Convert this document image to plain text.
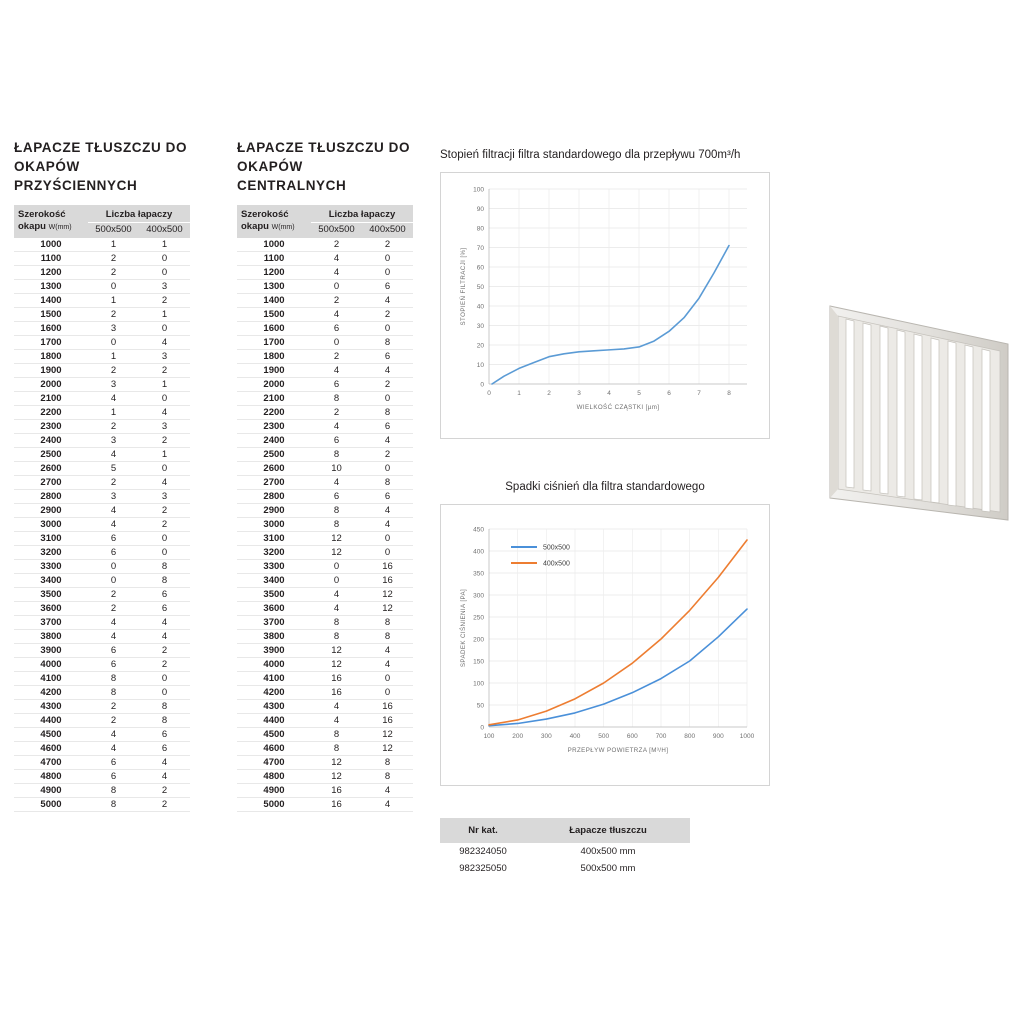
ŁAPACZE TŁUSZCZU DO OKAPÓW PRZYŚCIENNYCH
Szerokość okapu W(mm)	Liczba łapaczy	
	500x500	400x500
1000	1	1
1100	2	0
1200	2	0
1300	0	3
1400	1	2
1500	2	1
1600	3	0
1700	0	4
1800	1	3
1900	2	2
2000	3	1
2100	4	0
2200	1	4
2300	2	3
2400	3	2
2500	4	1
2600	5	0
2700	2	4
2800	3	3
2900	4	2
3000	4	2
3100	6	0
3200	6	0
3300	0	8
3400	0	8
3500	2	6
3600	2	6
3700	4	4
3800	4	4
3900	6	2
4000	6	2
4100	8	0
4200	8	0
4300	2	8
4400	2	8
4500	4	6
4600	4	6
4700	6	4
4800	6	4
4900	8	2
5000	8	2
ŁAPACZE TŁUSZCZU DO OKAPÓW CENTRALNYCH
Szerokość okapu W(mm)	Liczba łapaczy	
	500x500	400x500
1000	2	2
1100	4	0
1200	4	0
1300	0	6
1400	2	4
1500	4	2
1600	6	0
1700	0	8
1800	2	6
1900	4	4
2000	6	2
2100	8	0
2200	2	8
2300	4	6
2400	6	4
2500	8	2
2600	10	0
2700	4	8
2800	6	6
2900	8	4
3000	8	4
3100	12	0
3200	12	0
3300	0	16
3400	0	16
3500	4	12
3600	4	12
3700	8	8
3800	8	8
3900	12	4
4000	12	4
4100	16	0
4200	16	0
4300	4	16
4400	4	16
4500	8	12
4600	8	12
4700	12	8
4800	12	8
4900	16	4
5000	16	4
Stopień filtracji filtra standardowego dla przepływu 700m³/h
0
10
20
30
40
50
60
70
80
90
100
0	1	2	3	4	5	6	7	8
WIELKOŚĆ CZĄSTKI [µm]
STOPIEŃ FILTRACJI [%]
Spadki ciśnień dla filtra standardowego
0
50
100
150
200
250
300
350
400
450
100	200	300	400	500	600	700	800	900 1000
PRZEPŁYW POWIETRZA [M³/H]
SPADEK CIŚNIENIA [PA]
500x500
400x500
Nr kat.	Łapacze tłuszczu
982324050	400x500 mm
982325050	500x500 mm
